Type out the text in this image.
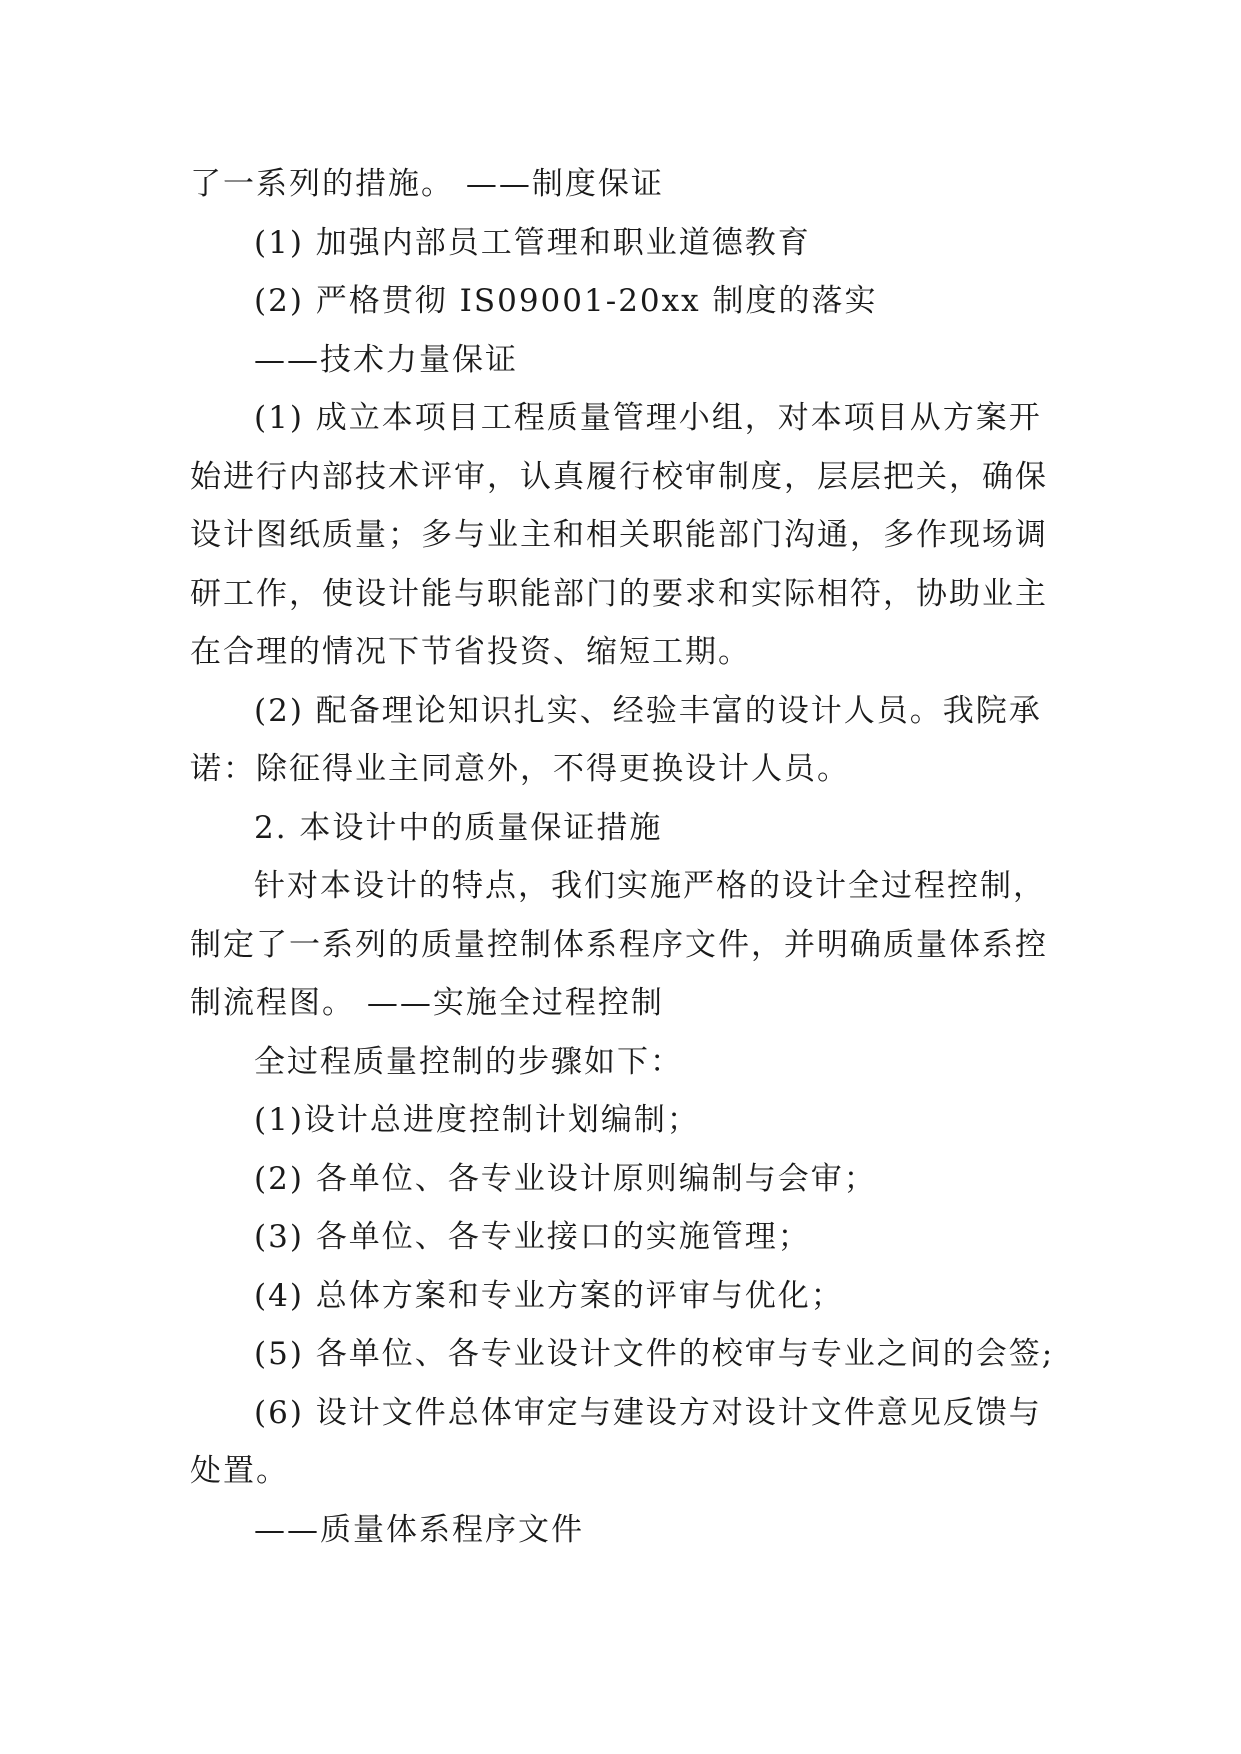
了一系列的措施。 ——制度保证

(1) 加强内部员工管理和职业道德教育

(2) 严格贯彻 IS09001-20xx 制度的落实

——技术力量保证

(1) 成立本项目工程质量管理小组，对本项目从方案开始进行内部技术评审，认真履行校审制度，层层把关，确保设计图纸质量；多与业主和相关职能部门沟通，多作现场调研工作，使设计能与职能部门的要求和实际相符，协助业主在合理的情况下节省投资、缩短工期。

(2) 配备理论知识扎实、经验丰富的设计人员。我院承诺：除征得业主同意外，不得更换设计人员。

2. 本设计中的质量保证措施

针对本设计的特点，我们实施严格的设计全过程控制，制定了一系列的质量控制体系程序文件，并明确质量体系控制流程图。 ——实施全过程控制

全过程质量控制的步骤如下：

(1)设计总进度控制计划编制；

(2) 各单位、各专业设计原则编制与会审；

(3) 各单位、各专业接口的实施管理；

(4) 总体方案和专业方案的评审与优化；

(5) 各单位、各专业设计文件的校审与专业之间的会签;

(6) 设计文件总体审定与建设方对设计文件意见反馈与处置。

——质量体系程序文件
